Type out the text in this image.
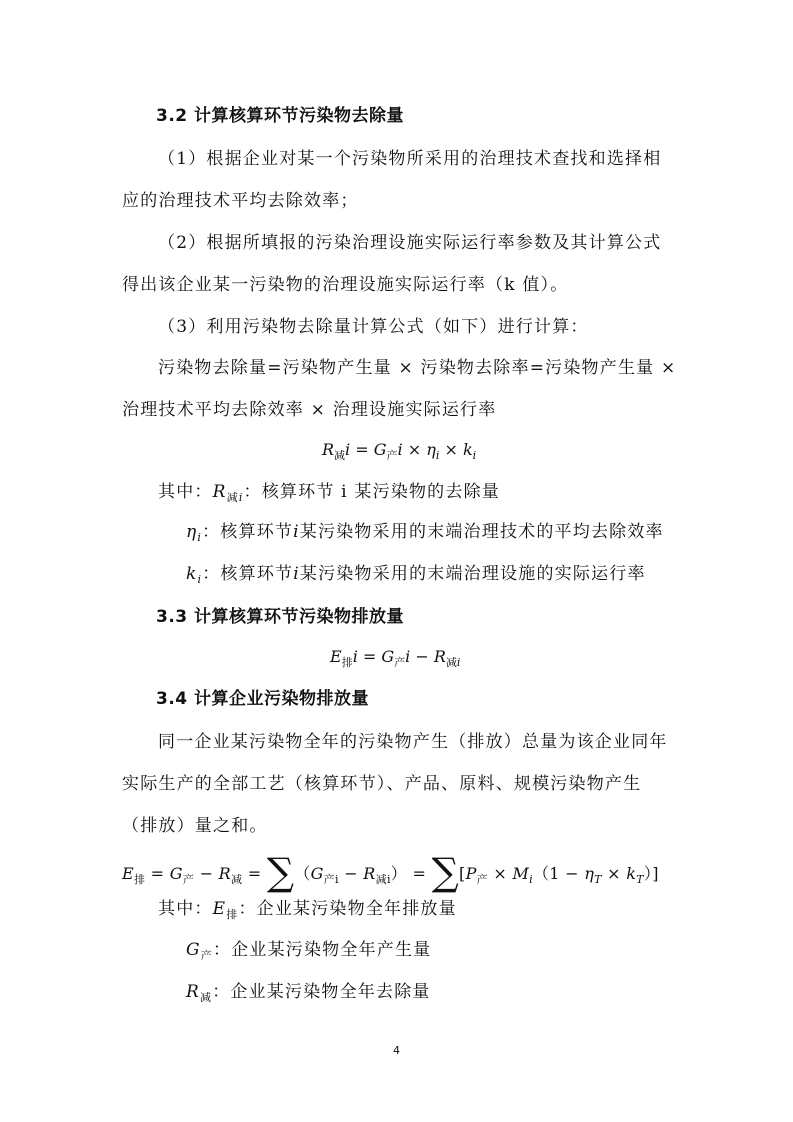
3.2 计算核算环节污染物去除量
（1）根据企业对某一个污染物所采用的治理技术查找和选择相
应的治理技术平均去除效率；
（2）根据所填报的污染治理设施实际运行率参数及其计算公式
得出该企业某一污染物的治理设施实际运行率（k 值）。
（3）利用污染物去除量计算公式（如下）进行计算：
污染物去除量=污染物产生量 × 污染物去除率=污染物产生量 ×
治理技术平均去除效率 × 治理设施实际运行率
$R_减i = G_产i \times \eta_i \times k_i$
其中：$R_{减i}$：核算环节 i 某污染物的去除量
$\eta_i$：核算环节i某污染物采用的末端治理技术的平均去除效率
$k_i$：核算环节i某污染物采用的末端治理设施的实际运行率
3.3 计算核算环节污染物排放量
$E_排i = G_产i - R_{减i}$
3.4 计算企业污染物排放量
同一企业某污染物全年的污染物产生（排放）总量为该企业同年
实际生产的全部工艺（核算环节）、产品、原料、规模污染物产生
（排放）量之和。
$E_排 = G_产 - R_减 = \sum(G_{产i} - R_{减i}) = \sum[P_产 \times M_i(1 - \eta_T \times k_T)]$
其中：$E_排$：企业某污染物全年排放量
$G_产$：企业某污染物全年产生量
$R_减$：企业某污染物全年去除量
4
